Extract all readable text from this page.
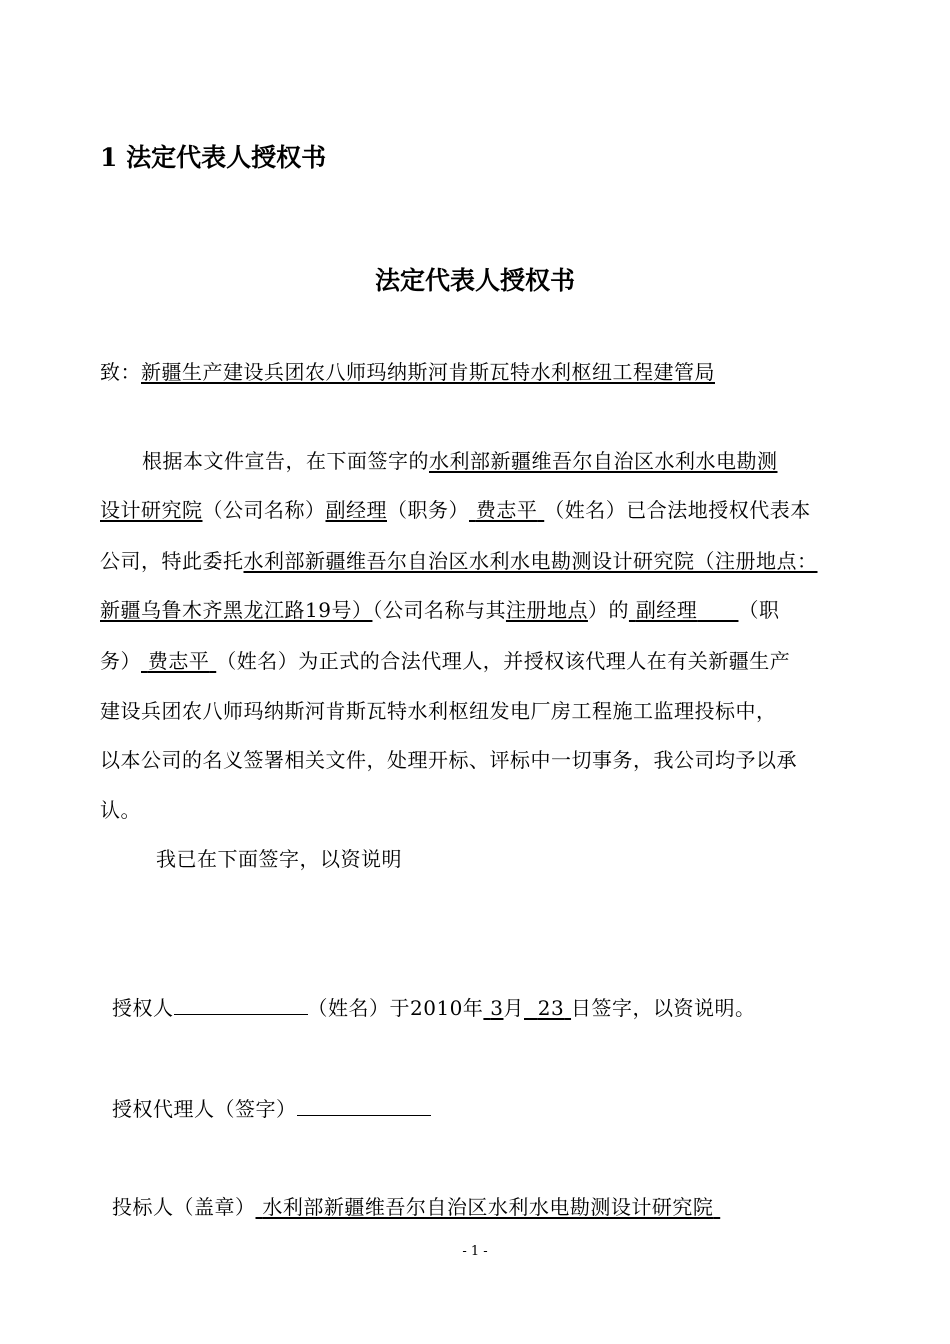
1 法定代表人授权书
法定代表人授权书
致：新疆生产建设兵团农八师玛纳斯河肯斯瓦特水利枢纽工程建管局
根据本文件宣告，在下面签字的水利部新疆维吾尔自治区水利水电勘测
设计研究院（公司名称）副经理（职务） 费志平 （姓名）已合法地授权代表本
公司，特此委托水利部新疆维吾尔自治区水利水电勘测设计研究院（注册地点：
新疆乌鲁木齐黑龙江路19号）（公司名称与其注册地点）的 副经理 （职
务） 费志平 （姓名）为正式的合法代理人，并授权该代理人在有关新疆生产
建设兵团农八师玛纳斯河肯斯瓦特水利枢纽发电厂房工程施工监理投标中，
以本公司的名义签署相关文件，处理开标、评标中一切事务，我公司均予以承
认。
我已在下面签字，以资说明
授权人	（姓名）于2010年 3月 23 日签字，以资说明。
授权代理人（签字）
投标人（盖章） 水利部新疆维吾尔自治区水利水电勘测设计研究院
- 1 -
